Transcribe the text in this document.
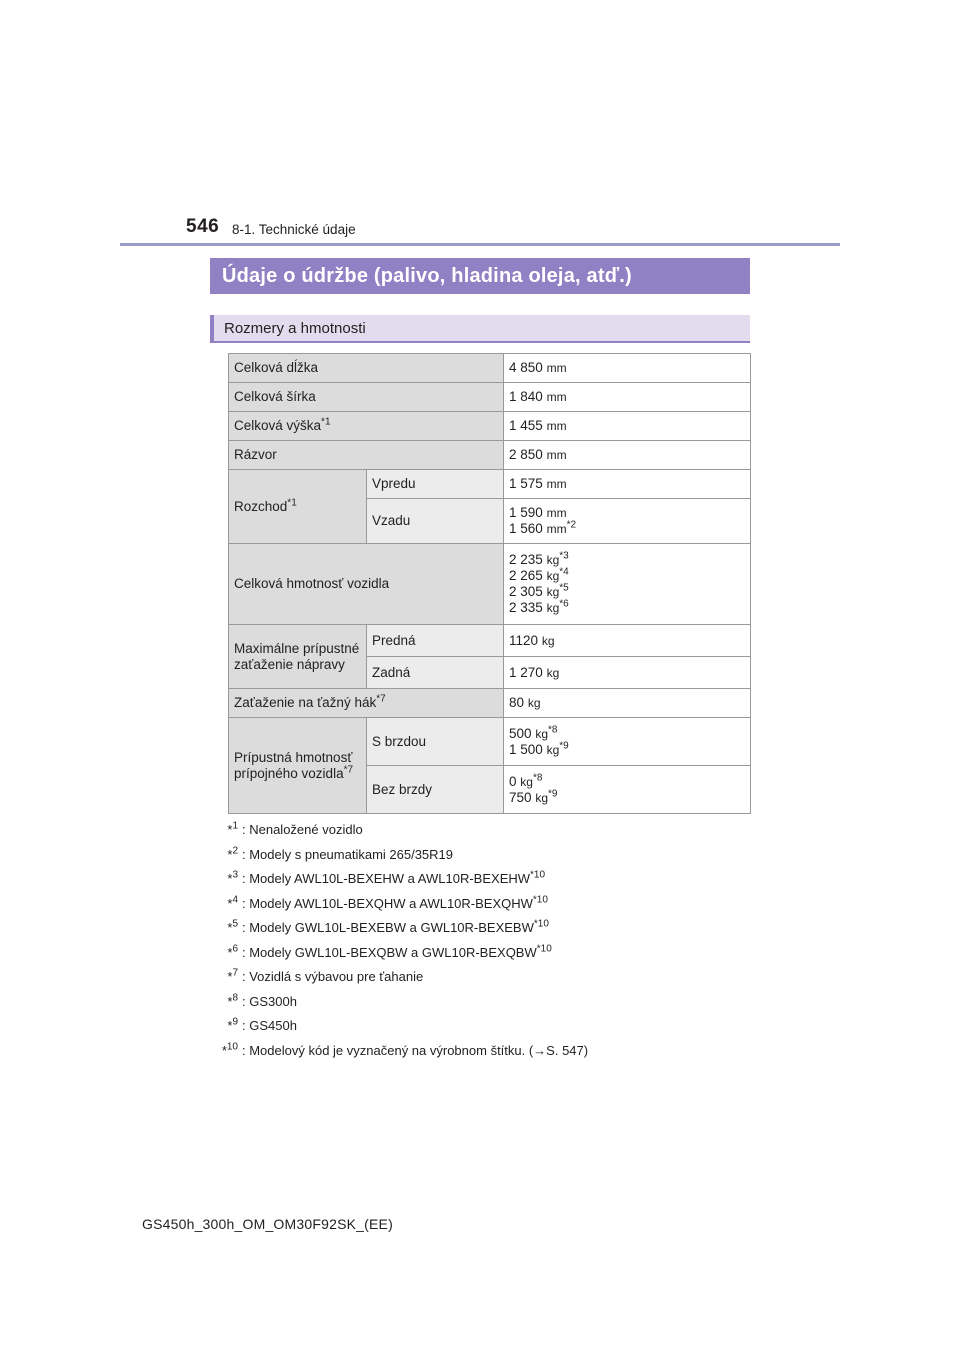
546 8-1. Technické údaje
Údaje o údržbe (palivo, hladina oleja, atď.)
Rozmery a hmotnosti
Celková dĺžka		4 850 mm
Celková šírka		1 840 mm
Celková výška$^{*1}$		1 455 mm
Rázvor		2 850 mm
Rozchod$^{*1}$	Vpredu	1 575 mm
	Vzadu	1 590 mm
1 560 $mm^{*2}$

Celková hmotnosť vozidla		2 235 $kg^{*3}$
2 265 $kg^{*4}$
2 305 $kg^{*5}$
2 335 $kg^{*6}$

Maximálne prípustné zaťaženie nápravy	Predná	1120 kg
	Zadná	1 270 kg
Zaťaženie na ťažný hák$^{*7}$		80 kg
Prípustná hmotnosť prípojného vozidla$^{*7}$	S brzdou	500 $kg^{*8}$
1 500 $kg^{*9}$

	Bez brzdy	0 $kg^{*8}$
750 $kg^{*9}$
*$^1$ : Nenaložené vozidlo
*$^2$ : Modely s pneumatikami 265/35R19
*$^3$ : Modely AWL10L-BEXEHW a AWL10R-BEXEHW$^{*10}$
*$^4$ : Modely AWL10L-BEXQHW a AWL10R-BEXQHW$^{*10}$
*$^5$ : Modely GWL10L-BEXEBW a GWL10R-BEXEBW$^{*10}$
*$^6$ : Modely GWL10L-BEXQBW a GWL10R-BEXQBW$^{*10}$
*$^7$ : Vozidlá s výbavou pre ťahanie
*$^8$ : GS300h
*$^9$ : GS450h
*$^{10}$ : Modelový kód je vyznačený na výrobnom štítku. (→S. 547)
GS450h_300h_OM_OM30F92SK_(EE)
